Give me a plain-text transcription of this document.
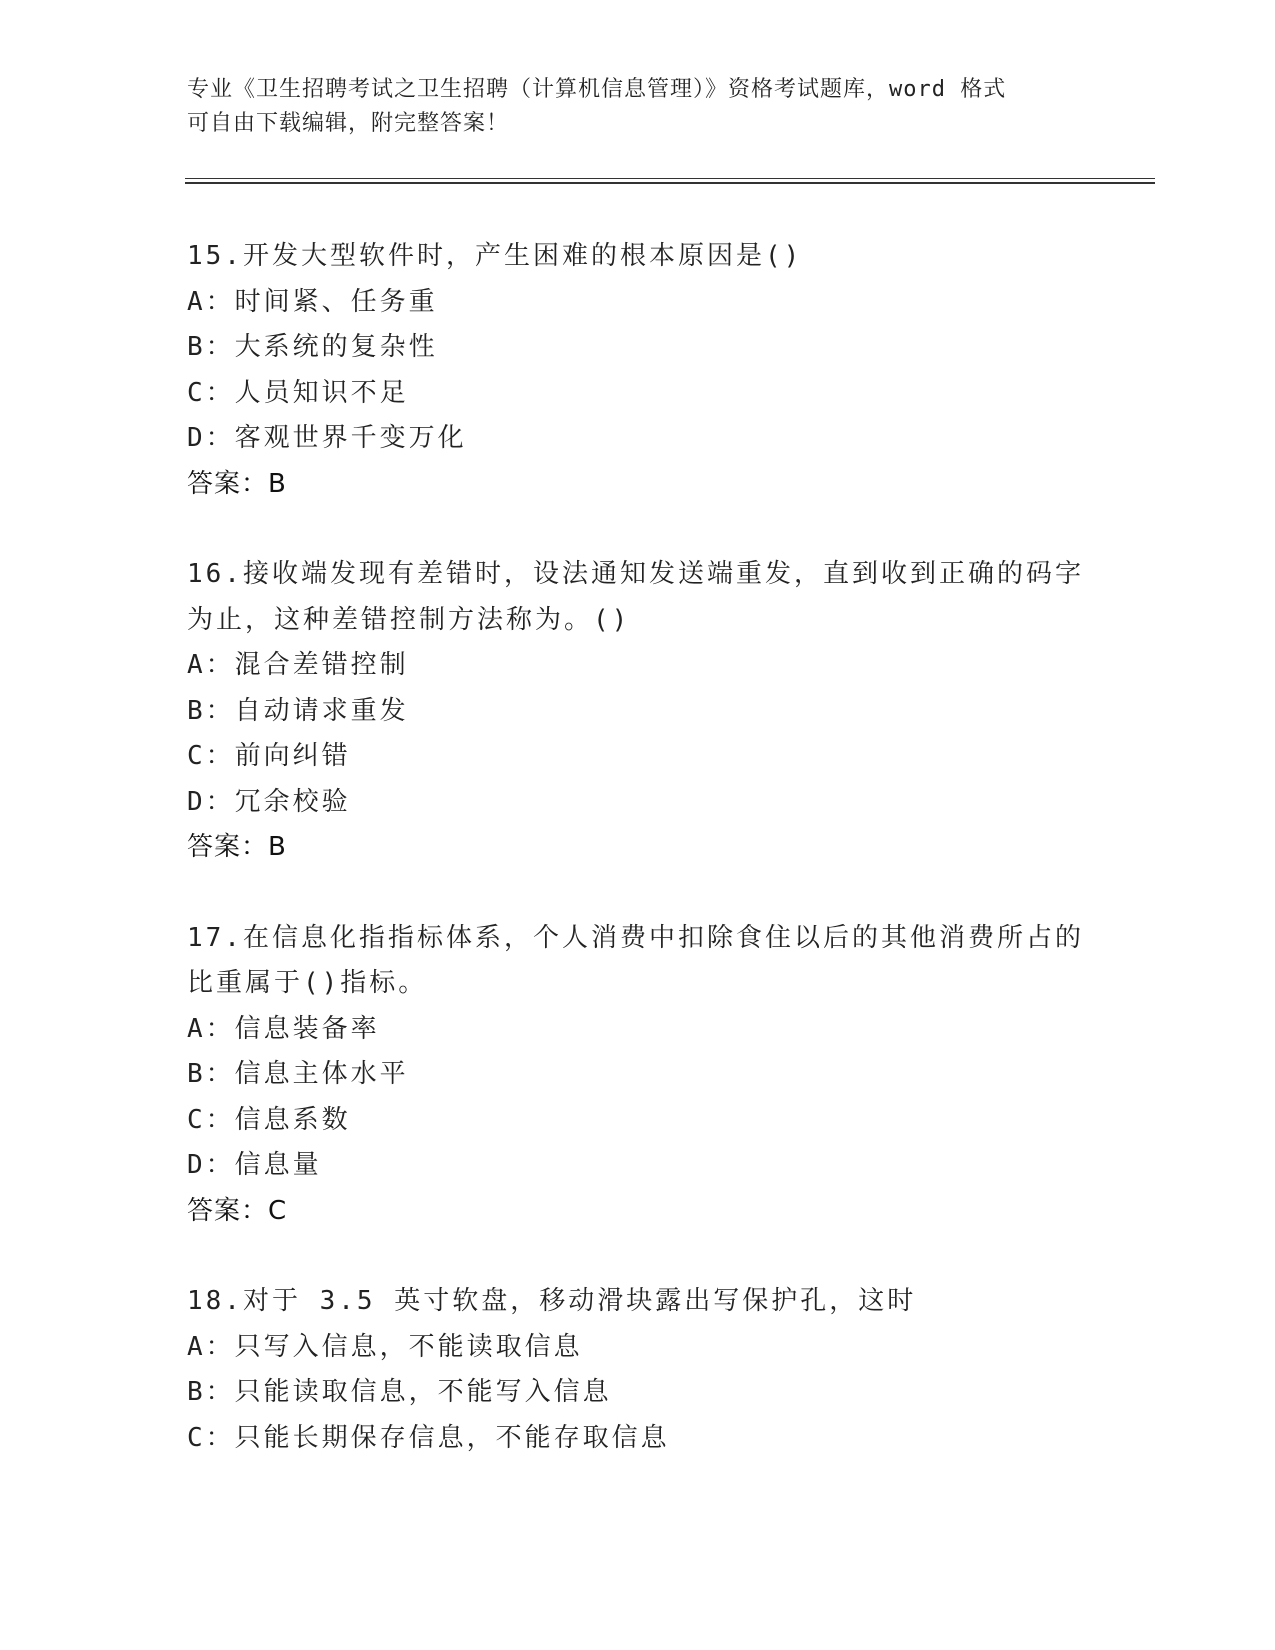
专业《卫生招聘考试之卫生招聘（计算机信息管理）》资格考试题库，word 格式
可自由下载编辑，附完整答案！
15.开发大型软件时，产生困难的根本原因是()
A：时间紧、任务重
B：大系统的复杂性
C：人员知识不足
D：客观世界千变万化
答案：B
16.接收端发现有差错时，设法通知发送端重发，直到收到正确的码字
为止，这种差错控制方法称为。()
A：混合差错控制
B：自动请求重发
C：前向纠错
D：冗余校验
答案：B
17.在信息化指指标体系，个人消费中扣除食住以后的其他消费所占的
比重属于()指标。
A：信息装备率
B：信息主体水平
C：信息系数
D：信息量
答案：C
18.对于 3.5 英寸软盘，移动滑块露出写保护孔，这时
A：只写入信息，不能读取信息
B：只能读取信息，不能写入信息
C：只能长期保存信息，不能存取信息
